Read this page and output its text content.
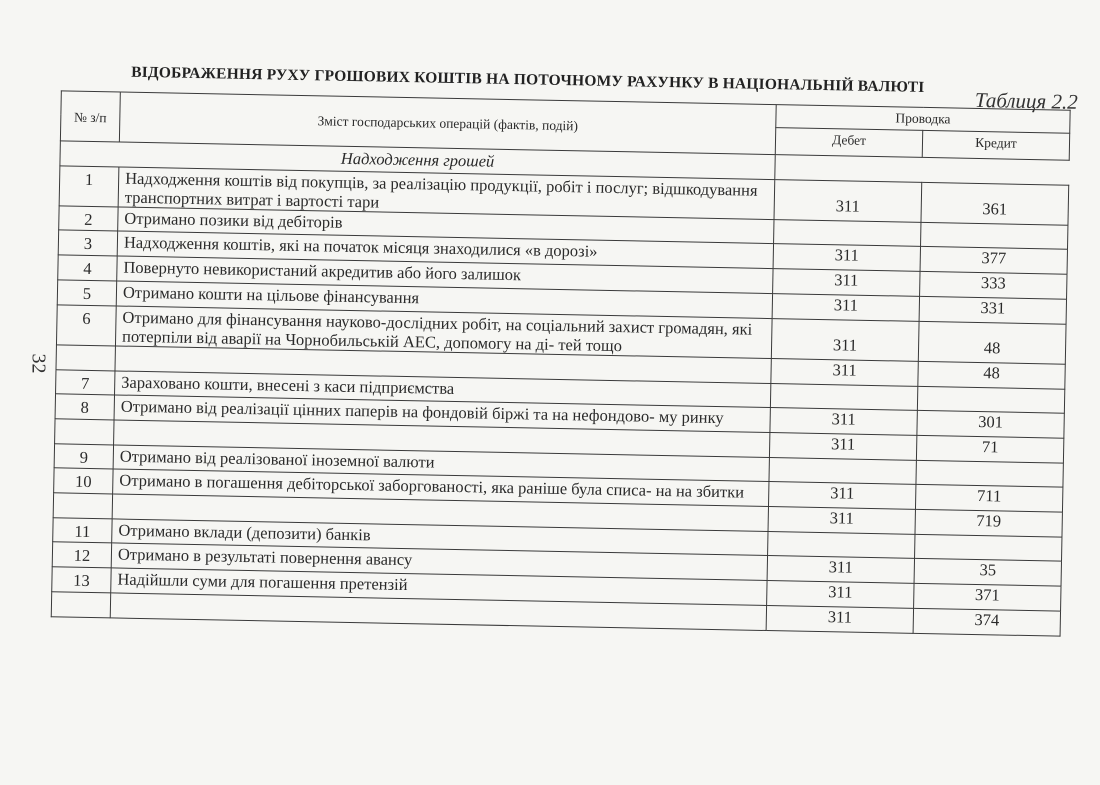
32
Таблиця 2.2
ВІДОБРАЖЕННЯ РУХУ ГРОШОВИХ КОШТІВ НА ПОТОЧНОМУ РАХУНКУ В НАЦІОНАЛЬНІЙ ВАЛЮТІ
№ з/п	Зміст господарських операцій (фактів, подій)	Проводка	
		Дебет	Кредит
Надходження грошей			
1	Надходження коштів від покупців, за реалізацію продукції, робіт і послуг; відшкодування транспортних витрат і вартості тари	311	361
2	Отримано позики від дебіторів		
3	Надходження коштів, які на початок місяця знаходилися «в дорозі»	311	377
4	Повернуто невикористаний акредитив або його залишок	311	333
5	Отримано кошти на цільове фінансування	311	331
6	Отримано для фінансування науково-дослідних робіт, на соціальний захист громадян, які потерпіли від аварії на Чорнобильській АЕС, допомогу на ді- тей тощо	311	48
		311	48
7	Зараховано кошти, внесені з каси підприємства		
8	Отримано від реалізації цінних паперів на фондовій біржі та на нефондово- му ринку	311	301
		311	71
9	Отримано від реалізованої іноземної валюти		
10	Отримано в погашення дебіторської заборгованості, яка раніше була списа- на на збитки	311	711
		311	719
11	Отримано вклади (депозити) банків		
12	Отримано в результаті повернення авансу	311	35
13	Надійшли суми для погашення претензій	311	371
		311	374
